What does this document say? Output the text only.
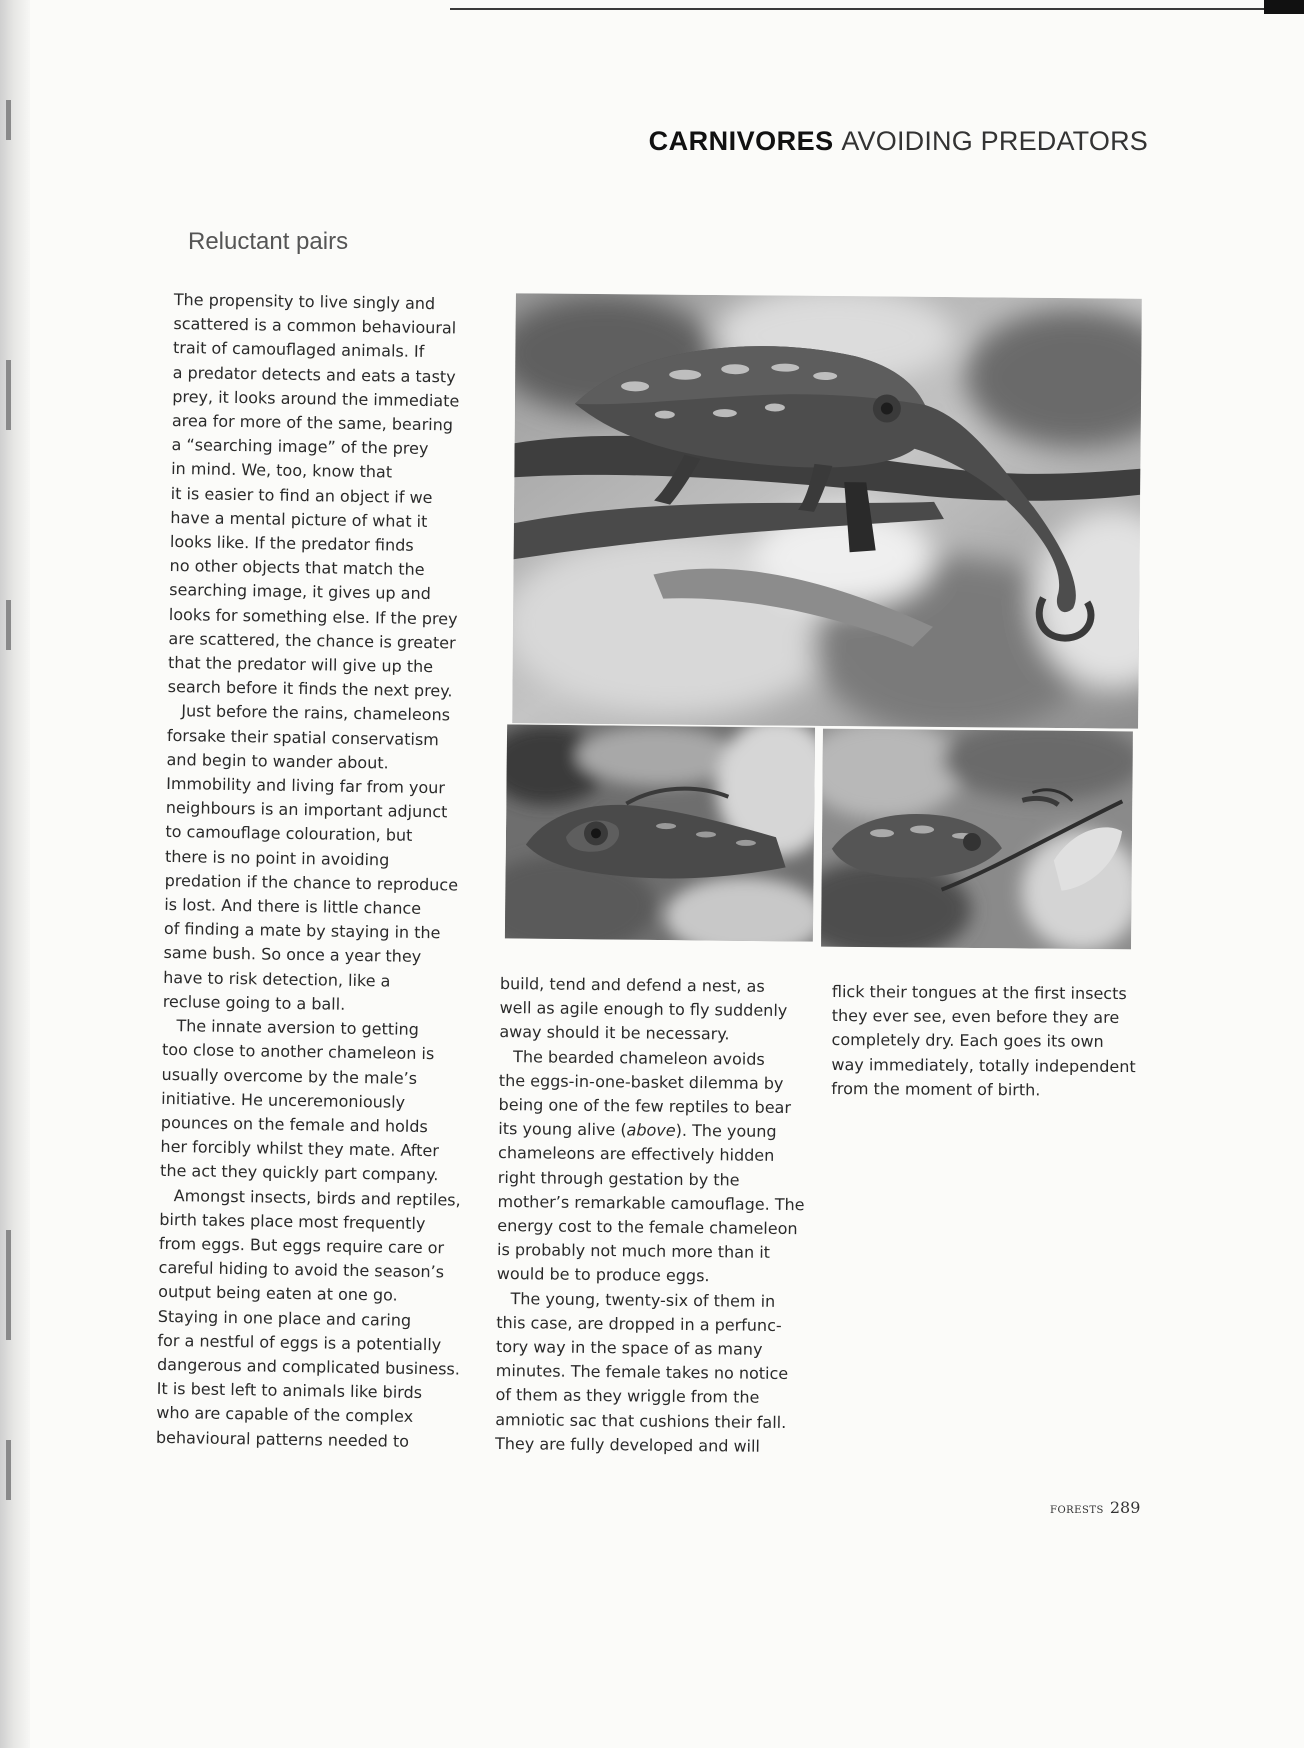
CARNIVORES AVOIDING PREDATORS
Reluctant pairs
The propensity to live singly and
scattered is a common behavioural
trait of camouflaged animals. If
a predator detects and eats a tasty
prey, it looks around the immediate
area for more of the same, bearing
a “searching image” of the prey
in mind. We, too, know that
it is easier to find an object if we
have a mental picture of what it
looks like. If the predator finds
no other objects that match the
searching image, it gives up and
looks for something else. If the prey
are scattered, the chance is greater
that the predator will give up the
search before it finds the next prey.
Just before the rains, chameleons
forsake their spatial conservatism
and begin to wander about.
Immobility and living far from your
neighbours is an important adjunct
to camouflage colouration, but
there is no point in avoiding
predation if the chance to reproduce
is lost. And there is little chance
of finding a mate by staying in the
same bush. So once a year they
have to risk detection, like a
recluse going to a ball.
The innate aversion to getting
too close to another chameleon is
usually overcome by the male’s
initiative. He unceremoniously
pounces on the female and holds
her forcibly whilst they mate. After
the act they quickly part company.
Amongst insects, birds and reptiles,
birth takes place most frequently
from eggs. But eggs require care or
careful hiding to avoid the season’s
output being eaten at one go.
Staying in one place and caring
for a nestful of eggs is a potentially
dangerous and complicated business.
It is best left to animals like birds
who are capable of the complex
behavioural patterns needed to
build, tend and defend a nest, as
well as agile enough to fly suddenly
away should it be necessary.
The bearded chameleon avoids
the eggs-in-one-basket dilemma by
being one of the few reptiles to bear
its young alive (above). The young
chameleons are effectively hidden
right through gestation by the
mother’s remarkable camouflage. The
energy cost to the female chameleon
is probably not much more than it
would be to produce eggs.
The young, twenty-six of them in
this case, are dropped in a perfunc-
tory way in the space of as many
minutes. The female takes no notice
of them as they wriggle from the
amniotic sac that cushions their fall.
They are fully developed and will
flick their tongues at the first insects
they ever see, even before they are
completely dry. Each goes its own
way immediately, totally independent
from the moment of birth.
FORESTS 289
